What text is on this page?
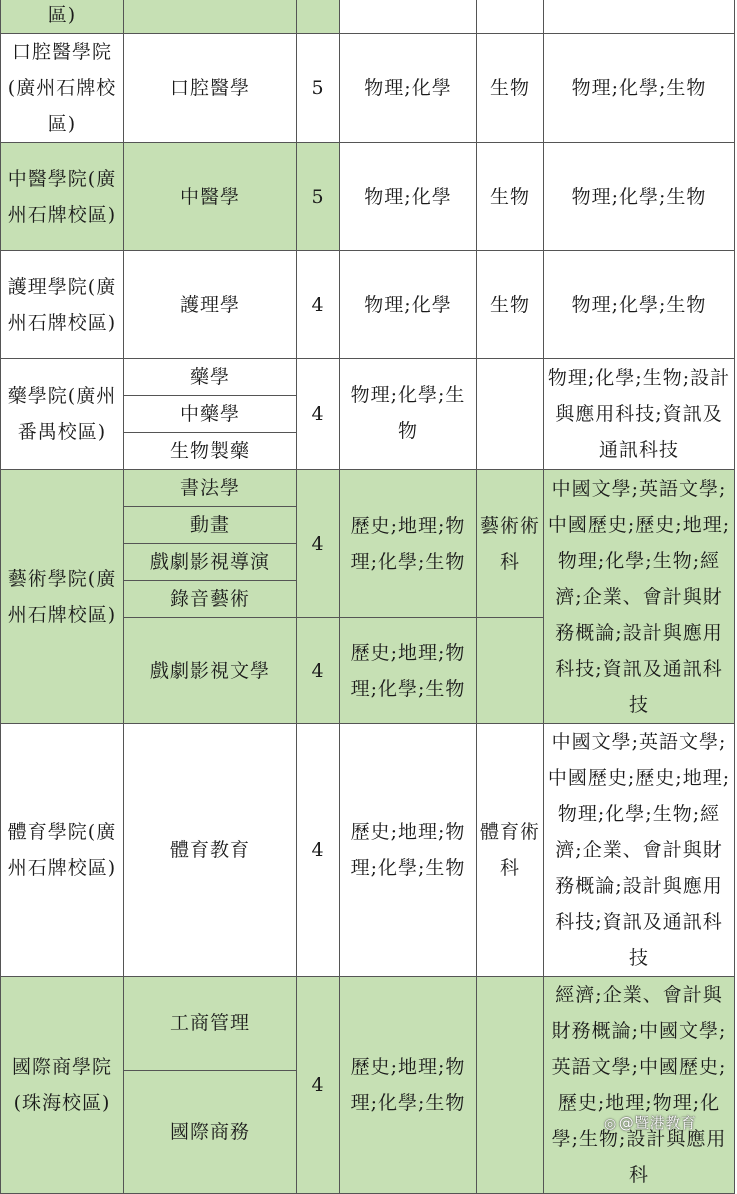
區)					
口腔醫學院(廣州石牌校區)	口腔醫學	5	物理;化學	生物	物理;化學;生物
中醫學院(廣州石牌校區)	中醫學	5	物理;化學	生物	物理;化學;生物
護理學院(廣州石牌校區)	護理學	4	物理;化學	生物	物理;化學;生物
藥學院(廣州番禺校區)	藥學	4	物理;化學;生物		物理;化學;生物;設計與應用科技;資訊及通訊科技
	中藥學				
	生物製藥				
藝術學院(廣州石牌校區)	書法學	4	歷史;地理;物理;化學;生物	藝術術科	中國文學;英語文學;中國歷史;歷史;地理;物理;化學;生物;經濟;企業、會計與財務概論;設計與應用科技;資訊及通訊科技
	動畫				
	戲劇影視導演				
	錄音藝術				
	戲劇影視文學	4	歷史;地理;物理;化學;生物		
體育學院(廣州石牌校區)	體育教育	4	歷史;地理;物理;化學;生物	體育術科	中國文學;英語文學;中國歷史;歷史;地理;物理;化學;生物;經濟;企業、會計與財務概論;設計與應用科技;資訊及通訊科技
國際商學院(珠海校區)	工商管理	4	歷史;地理;物理;化學;生物		經濟;企業、會計與財務概論;中國文學;英語文學;中國歷史;歷史;地理;物理;化學;生物;設計與應用科
	國際商務					◎ @暨港教育
